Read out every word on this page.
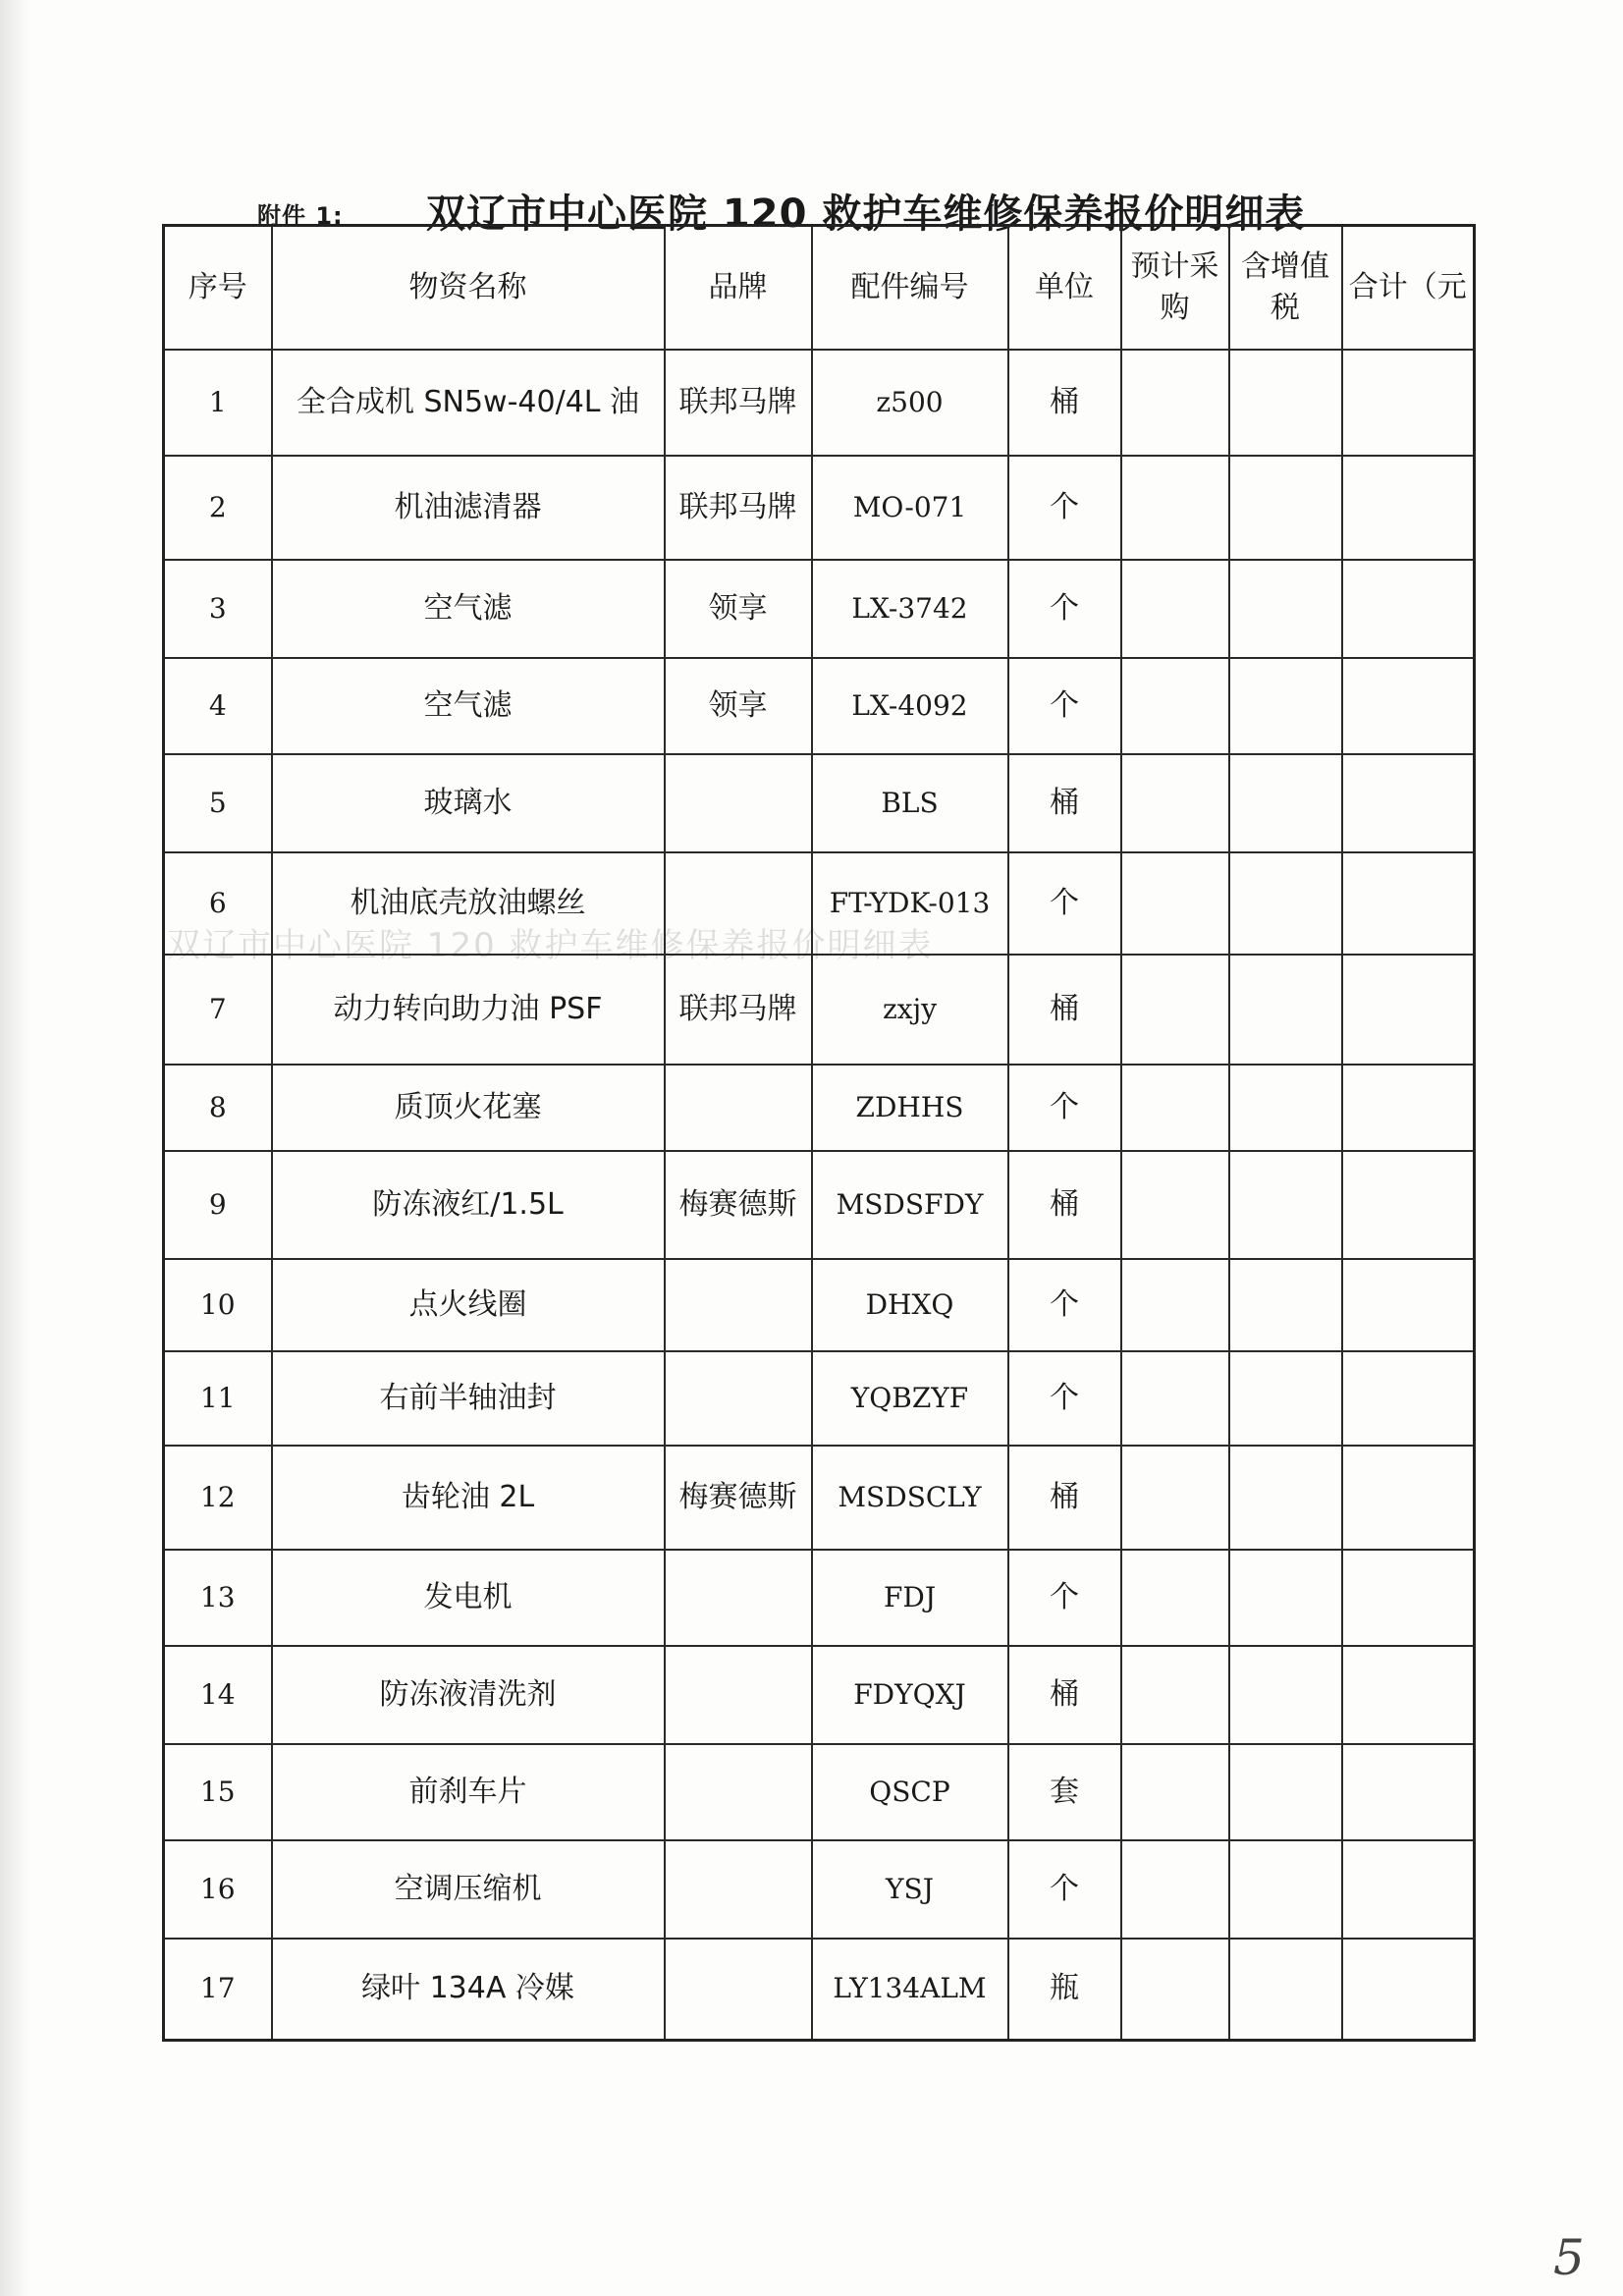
附件 1: 双辽市中心医院 120 救护车维修保养报价明细表
双辽市中心医院 120 救护车维修保养报价明细表
序号	物资名称	品牌	配件编号	单位	预计采购	含增值税	合计（元
1	全合成机 SN5w-40/4L 油	联邦马牌	z500	桶			
2	机油滤清器	联邦马牌	MO-071	个			
3	空气滤	领享	LX-3742	个			
4	空气滤	领享	LX-4092	个			
5	玻璃水		BLS	桶			
6	机油底壳放油螺丝		FT-YDK-013	个			
7	动力转向助力油 PSF	联邦马牌	zxjy	桶			
8	质顶火花塞		ZDHHS	个			
9	防冻液红/1.5L	梅赛德斯	MSDSFDY	桶			
10	点火线圈		DHXQ	个			
11	右前半轴油封		YQBZYF	个			
12	齿轮油 2L	梅赛德斯	MSDSCLY	桶			
13	发电机		FDJ	个			
14	防冻液清洗剂		FDYQXJ	桶			
15	前刹车片		QSCP	套			
16	空调压缩机		YSJ	个			
17	绿叶 134A 冷媒		LY134ALM	瓶			
5
